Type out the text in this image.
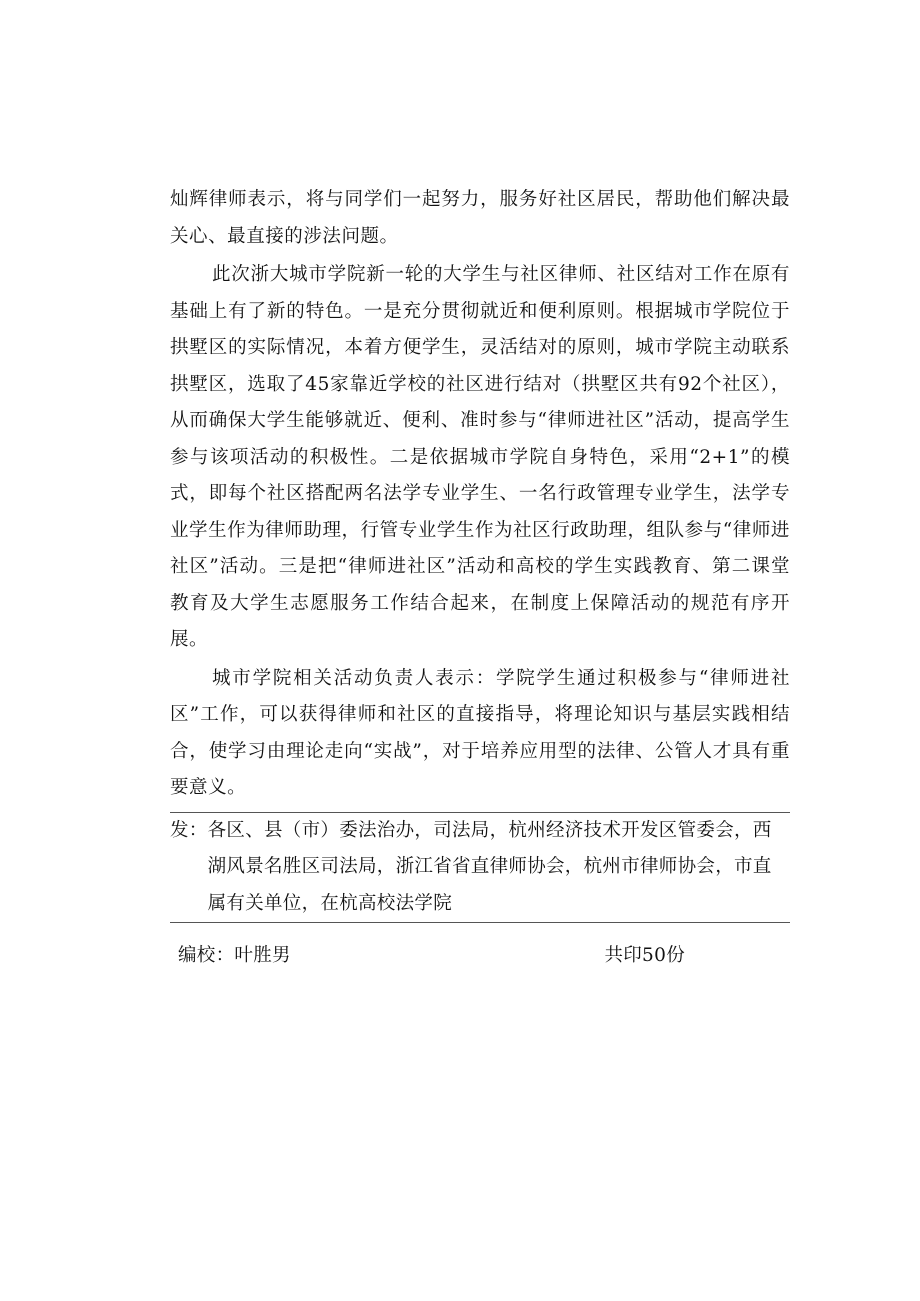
灿辉律师表示，将与同学们一起努力，服务好社区居民，帮助他们解决最关心、最直接的涉法问题。

此次浙大城市学院新一轮的大学生与社区律师、社区结对工作在原有基础上有了新的特色。一是充分贯彻就近和便利原则。根据城市学院位于拱墅区的实际情况，本着方便学生，灵活结对的原则，城市学院主动联系拱墅区，选取了45家靠近学校的社区进行结对（拱墅区共有92个社区），从而确保大学生能够就近、便利、准时参与“律师进社区”活动，提高学生参与该项活动的积极性。二是依据城市学院自身特色，采用“2+1”的模式，即每个社区搭配两名法学专业学生、一名行政管理专业学生，法学专业学生作为律师助理，行管专业学生作为社区行政助理，组队参与“律师进社区”活动。三是把“律师进社区”活动和高校的学生实践教育、第二课堂教育及大学生志愿服务工作结合起来，在制度上保障活动的规范有序开展。

城市学院相关活动负责人表示：学院学生通过积极参与“律师进社区”工作，可以获得律师和社区的直接指导，将理论知识与基层实践相结合，使学习由理论走向“实战”，对于培养应用型的法律、公管人才具有重要意义。

发： 各区、县（市）委法治办，司法局，杭州经济技术开发区管委会，西湖风景名胜区司法局，浙江省省直律师协会，杭州市律师协会，市直属有关单位，在杭高校法学院
编校：叶胜男	共印50份
